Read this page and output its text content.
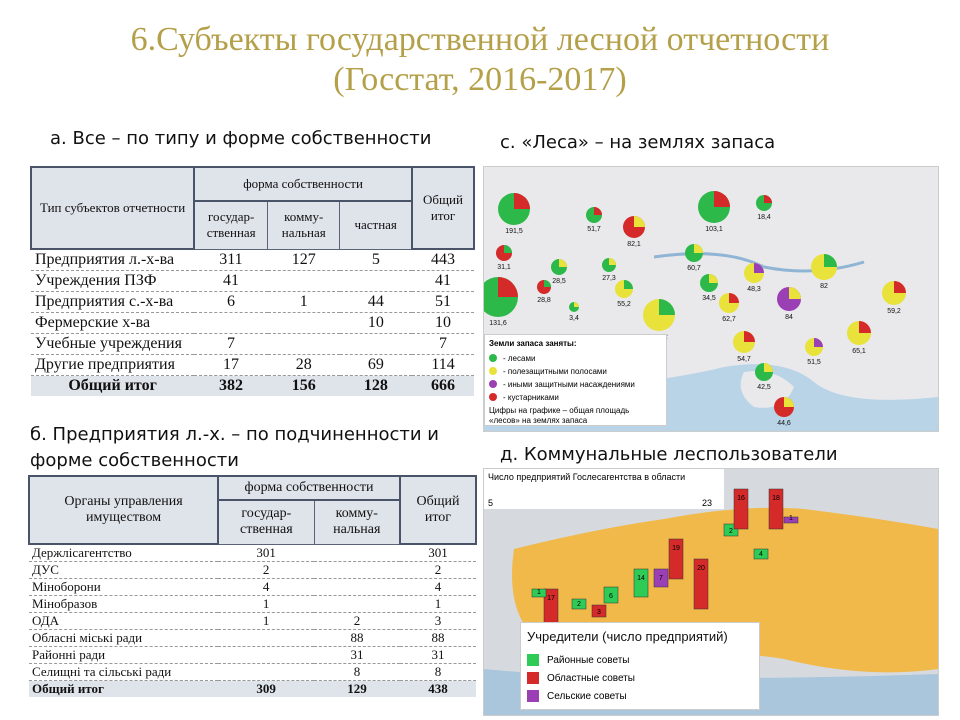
6.Субъекты государственной лесной отчетности
(Госстат, 2016-2017)
а. Все – по типу и форме собственности
б. Предприятия л.-х. – по подчиненности и
форме собственности
с. «Леса» – на землях запаса
д. Коммунальные леспользователи
Тип субъектов отчетности	форма собственности			Общий итог
	государ-ственная	комму-нальная	частная	
Предприятия л.-х-ва	311	127	5	443
Учреждения ПЗФ	41			41
Предприятия с.-х-ва	6	1	44	51
Фермерские х-ва			10	10
Учебные учреждения	7			7
Другие предприятия	17	28	69	114
Общий итог	382	156	128	666
Органы управления имуществом	форма собственности		Общий итог
	государ-ственная	комму-нальная	
Держлісагентство	301		301
ДУС	2		2
Міноборони	4		4
Мінобразов	1		1
ОДА	1	2	3
Обласні міські ради		88	88
Районні ради		31	31
Селищні та сільські ради		8	8
Общий итог	309	129	438
191,5	51,7
82,1
103,1
18,4
60,7
31,1
28,5	27,3
48,3	82
28,8
3,4
55,2
34,5
62,7
59,2
131,6
84
54,7
65,1
51,5
42,5
44,6
Земли запаса заняты:
- лесами
- полезащитными полосами
- иными защитными насаждениями
- кустарниками
Цифры на графике – общая площадь «лесов» на землях запаса
17
1
6
2
3
14 7
19
20
2
16	18
1
4
Число предприятий Гослесагентства в области
5	23
Учредители (число предприятий)
Районные советы
Областные советы
Сельские советы
